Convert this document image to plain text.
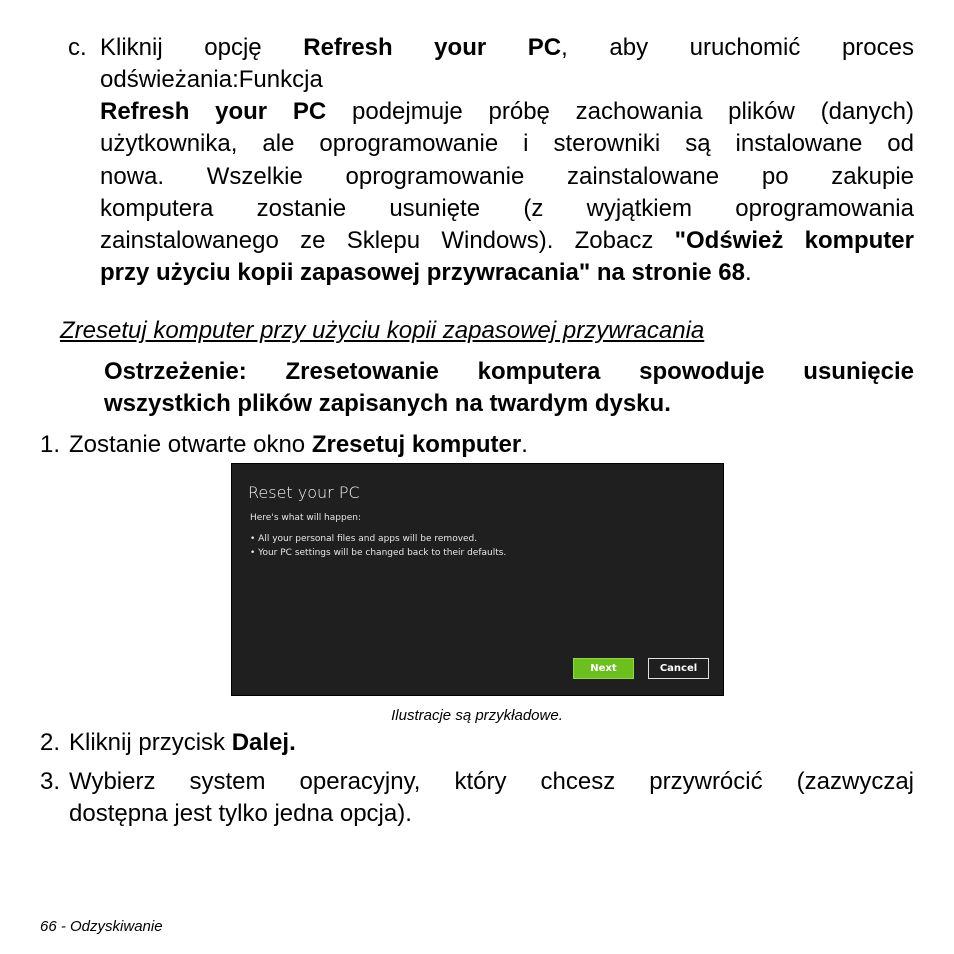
c. Kliknij opcję Refresh your PC, aby uruchomić proces
odświeżania:Funkcja
Refresh your PC podejmuje próbę zachowania plików (danych)
użytkownika, ale oprogramowanie i sterowniki są instalowane od
nowa. Wszelkie oprogramowanie zainstalowane po zakupie
komputera zostanie usunięte (z wyjątkiem oprogramowania
zainstalowanego ze Sklepu Windows). Zobacz "Odśwież komputer
przy użyciu kopii zapasowej przywracania" na stronie 68.
Zresetuj komputer przy użyciu kopii zapasowej przywracania
Ostrzeżenie: Zresetowanie komputera spowoduje usunięcie
wszystkich plików zapisanych na twardym dysku.
1. Zostanie otwarte okno Zresetuj komputer.
Reset your PC
Here's what will happen:
• All your personal files and apps will be removed.
• Your PC settings will be changed back to their defaults.
Next	Cancel
Ilustracje są przykładowe.
2. Kliknij przycisk Dalej.
3. Wybierz system operacyjny, który chcesz przywrócić (zazwyczaj
dostępna jest tylko jedna opcja).
66 - Odzyskiwanie
